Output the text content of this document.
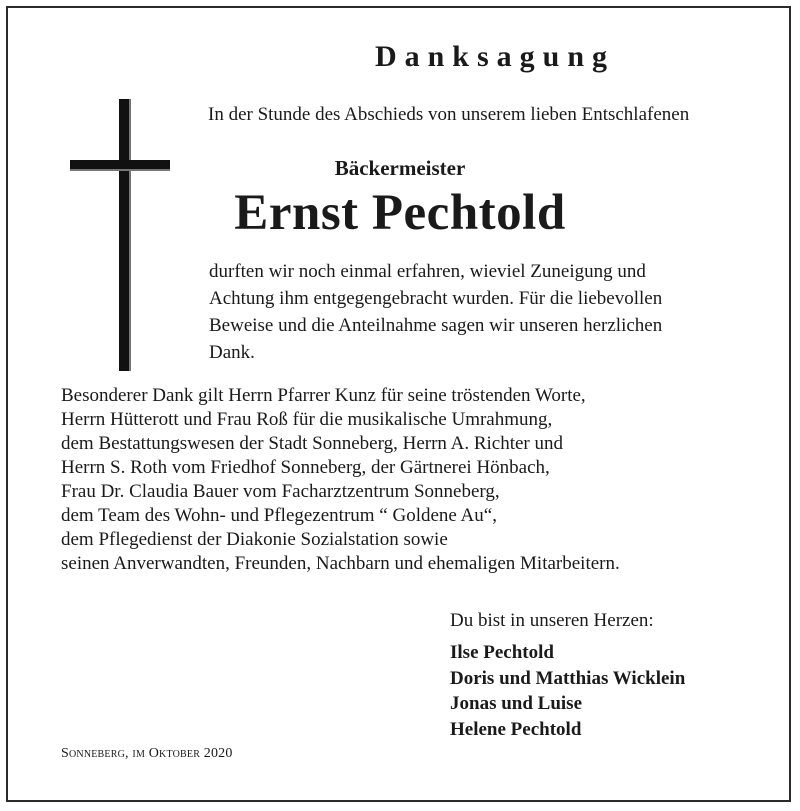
Danksagung
In der Stunde des Abschieds von unserem lieben Entschlafenen
Bäckermeister
Ernst Pechtold
durften wir noch einmal erfahren, wieviel Zuneigung und
Achtung ihm entgegengebracht wurden. Für die liebevollen
Beweise und die Anteilnahme sagen wir unseren herzlichen
Dank.
Besonderer Dank gilt Herrn Pfarrer Kunz für seine tröstenden Worte,
Herrn Hütterott und Frau Roß für die musikalische Umrahmung,
dem Bestattungswesen der Stadt Sonneberg, Herrn A. Richter und
Herrn S. Roth vom Friedhof Sonneberg, der Gärtnerei Hönbach,
Frau Dr. Claudia Bauer vom Facharztzentrum Sonneberg,
dem Team des Wohn- und Pflegezentrum “ Goldene Au“,
dem Pflegedienst der Diakonie Sozialstation sowie
seinen Anverwandten, Freunden, Nachbarn und ehemaligen Mitarbeitern.
Du bist in unseren Herzen:
Ilse Pechtold
Doris und Matthias Wicklein
Jonas und Luise
Helene Pechtold
Sonneberg, im Oktober 2020
